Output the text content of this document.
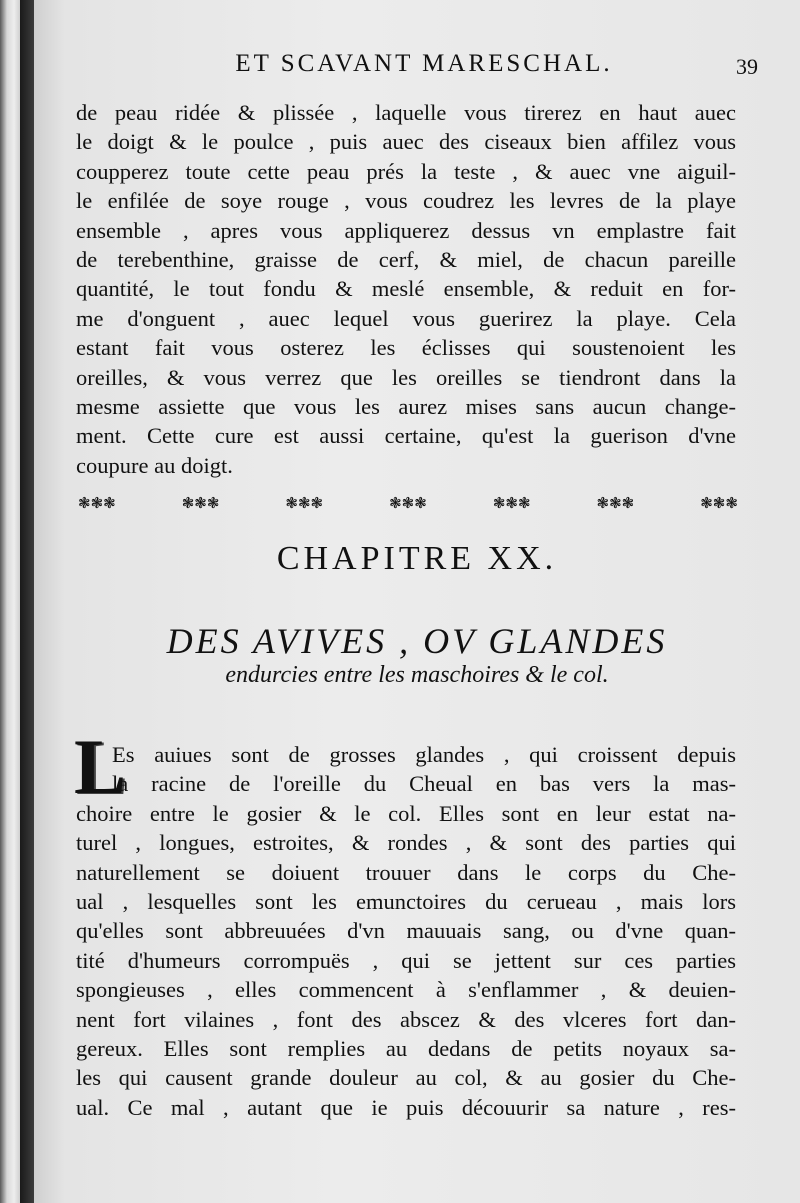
ET SCAVANT MARESCHAL.	39
de peau ridée & plissée , laquelle vous tirerez en haut auec
le doigt & le poulce , puis auec des ciseaux bien affilez vous
coupperez toute cette peau prés la teste , & auec vne aiguil-
le enfilée de soye rouge , vous coudrez les levres de la playe
ensemble , apres vous appliquerez dessus vn emplastre fait
de terebenthine, graisse de cerf, & miel, de chacun pareille
quantité, le tout fondu & meslé ensemble, & reduit en for-
me d'onguent , auec lequel vous guerirez la playe. Cela
estant fait vous osterez les éclisses qui soustenoient les
oreilles, & vous verrez que les oreilles se tiendront dans la
mesme assiette que vous les aurez mises sans aucun change-
ment. Cette cure est aussi certaine, qu'est la guerison d'vne
coupure au doigt.
❃❃❃	❃❃❃	❃❃❃	❃❃❃	❃❃❃	❃❃❃	❃❃❃
CHAPITRE XX.
DES AVIVES , OV GLANDES
endurcies entre les maschoires & le col.
L
Es auiues sont de grosses glandes , qui croissent depuis
la racine de l'oreille du Cheual en bas vers la mas-
choire entre le gosier & le col. Elles sont en leur estat na-
turel , longues, estroites, & rondes , & sont des parties qui
naturellement se doiuent trouuer dans le corps du Che-
ual , lesquelles sont les emunctoires du cerueau , mais lors
qu'elles sont abbreuuées d'vn mauuais sang, ou d'vne quan-
tité d'humeurs corrompuës , qui se jettent sur ces parties
spongieuses , elles commencent à s'enflammer , & deuien-
nent fort vilaines , font des abscez & des vlceres fort dan-
gereux. Elles sont remplies au dedans de petits noyaux sa-
les qui causent grande douleur au col, & au gosier du Che-
ual. Ce mal , autant que ie puis découurir sa nature , res-
